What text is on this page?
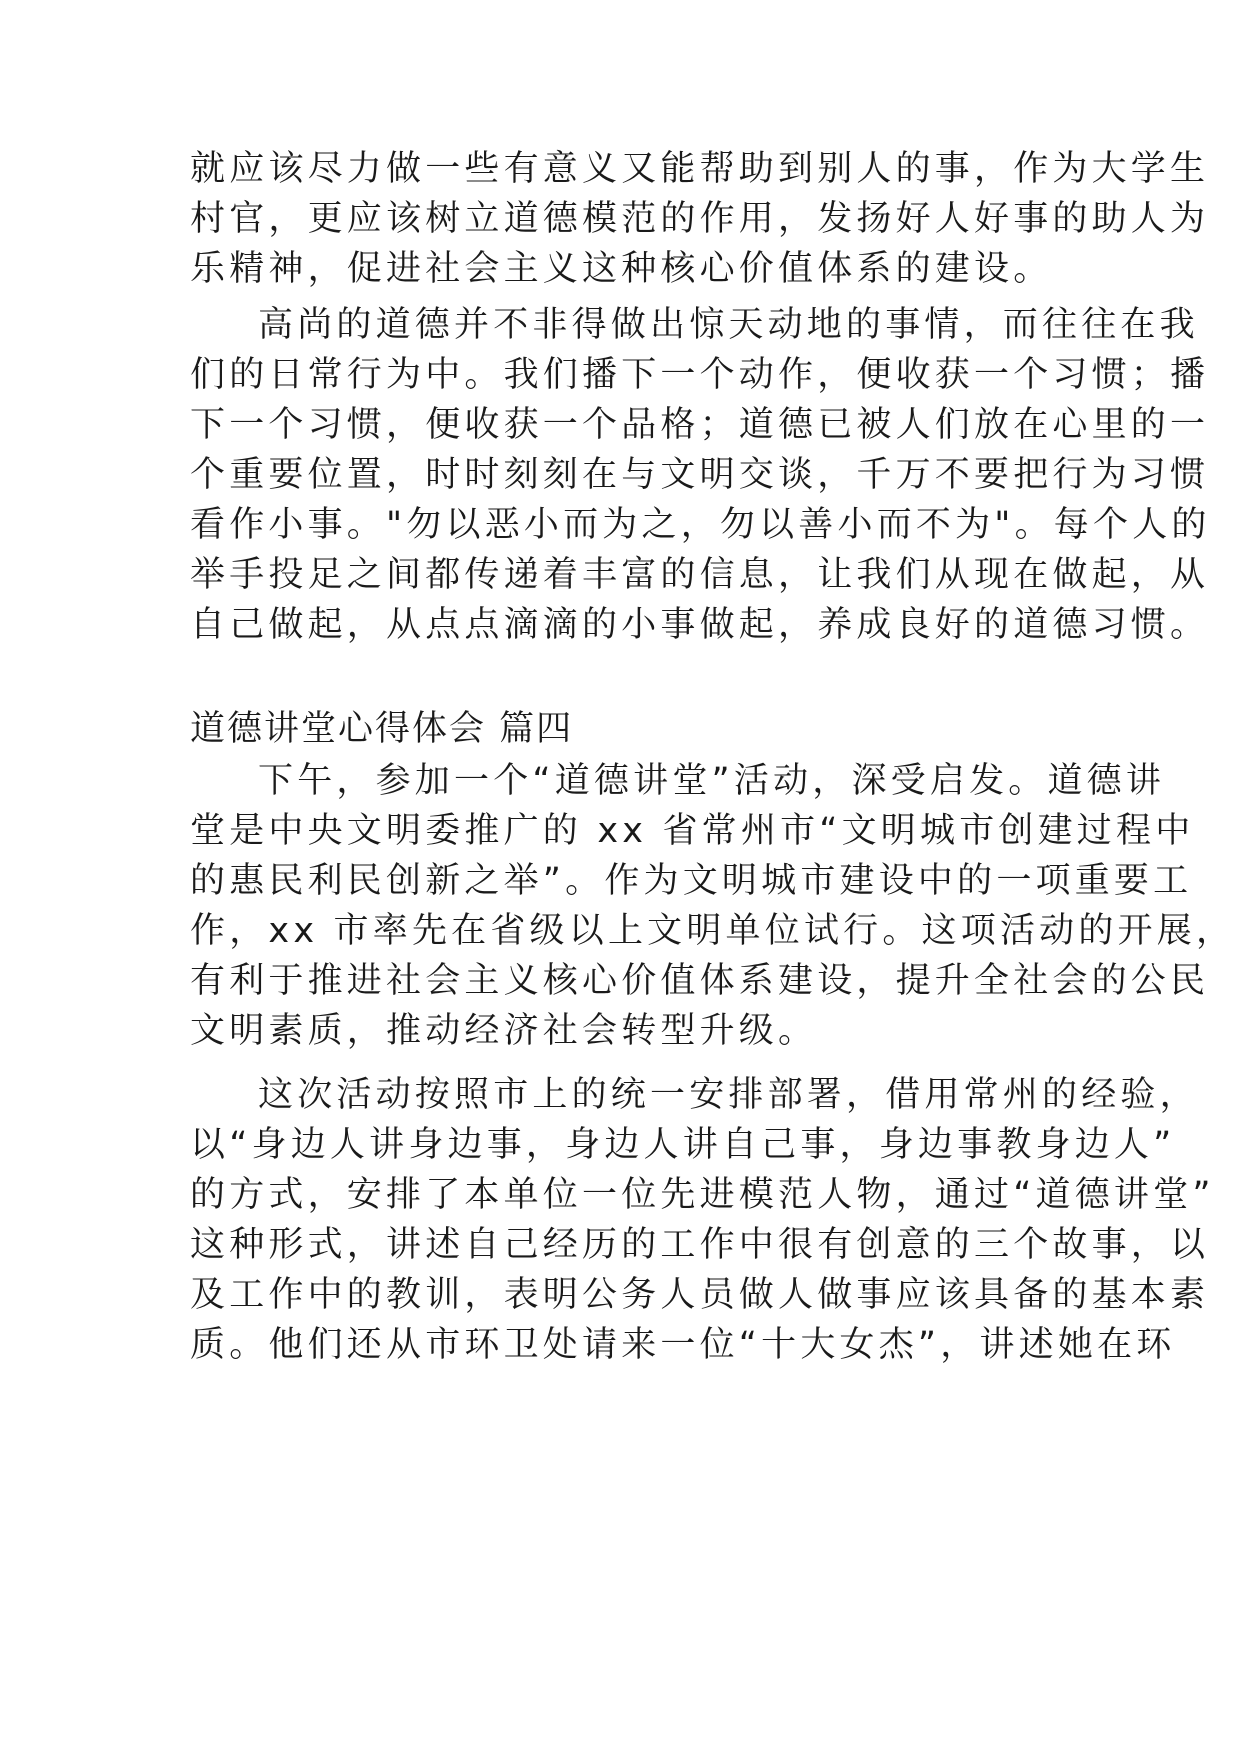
就应该尽力做一些有意义又能帮助到别人的事，作为大学生
村官，更应该树立道德模范的作用，发扬好人好事的助人为
乐精神，促进社会主义这种核心价值体系的建设。
高尚的道德并不非得做出惊天动地的事情，而往往在我
们的日常行为中。我们播下一个动作，便收获一个习惯；播
下一个习惯，便收获一个品格；道德已被人们放在心里的一
个重要位置，时时刻刻在与文明交谈，千万不要把行为习惯
看作小事。"勿以恶小而为之，勿以善小而不为"。每个人的
举手投足之间都传递着丰富的信息，让我们从现在做起，从
自己做起，从点点滴滴的小事做起，养成良好的道德习惯。
道德讲堂心得体会 篇四
下午，参加一个“道德讲堂”活动，深受启发。道德讲
堂是中央文明委推广的 xx 省常州市“文明城市创建过程中
的惠民利民创新之举”。作为文明城市建设中的一项重要工
作，xx 市率先在省级以上文明单位试行。这项活动的开展，
有利于推进社会主义核心价值体系建设，提升全社会的公民
文明素质，推动经济社会转型升级。
这次活动按照市上的统一安排部署，借用常州的经验，
以“身边人讲身边事，身边人讲自己事，身边事教身边人”
的方式，安排了本单位一位先进模范人物，通过“道德讲堂”
这种形式，讲述自己经历的工作中很有创意的三个故事，以
及工作中的教训，表明公务人员做人做事应该具备的基本素
质。他们还从市环卫处请来一位“十大女杰”，讲述她在环
